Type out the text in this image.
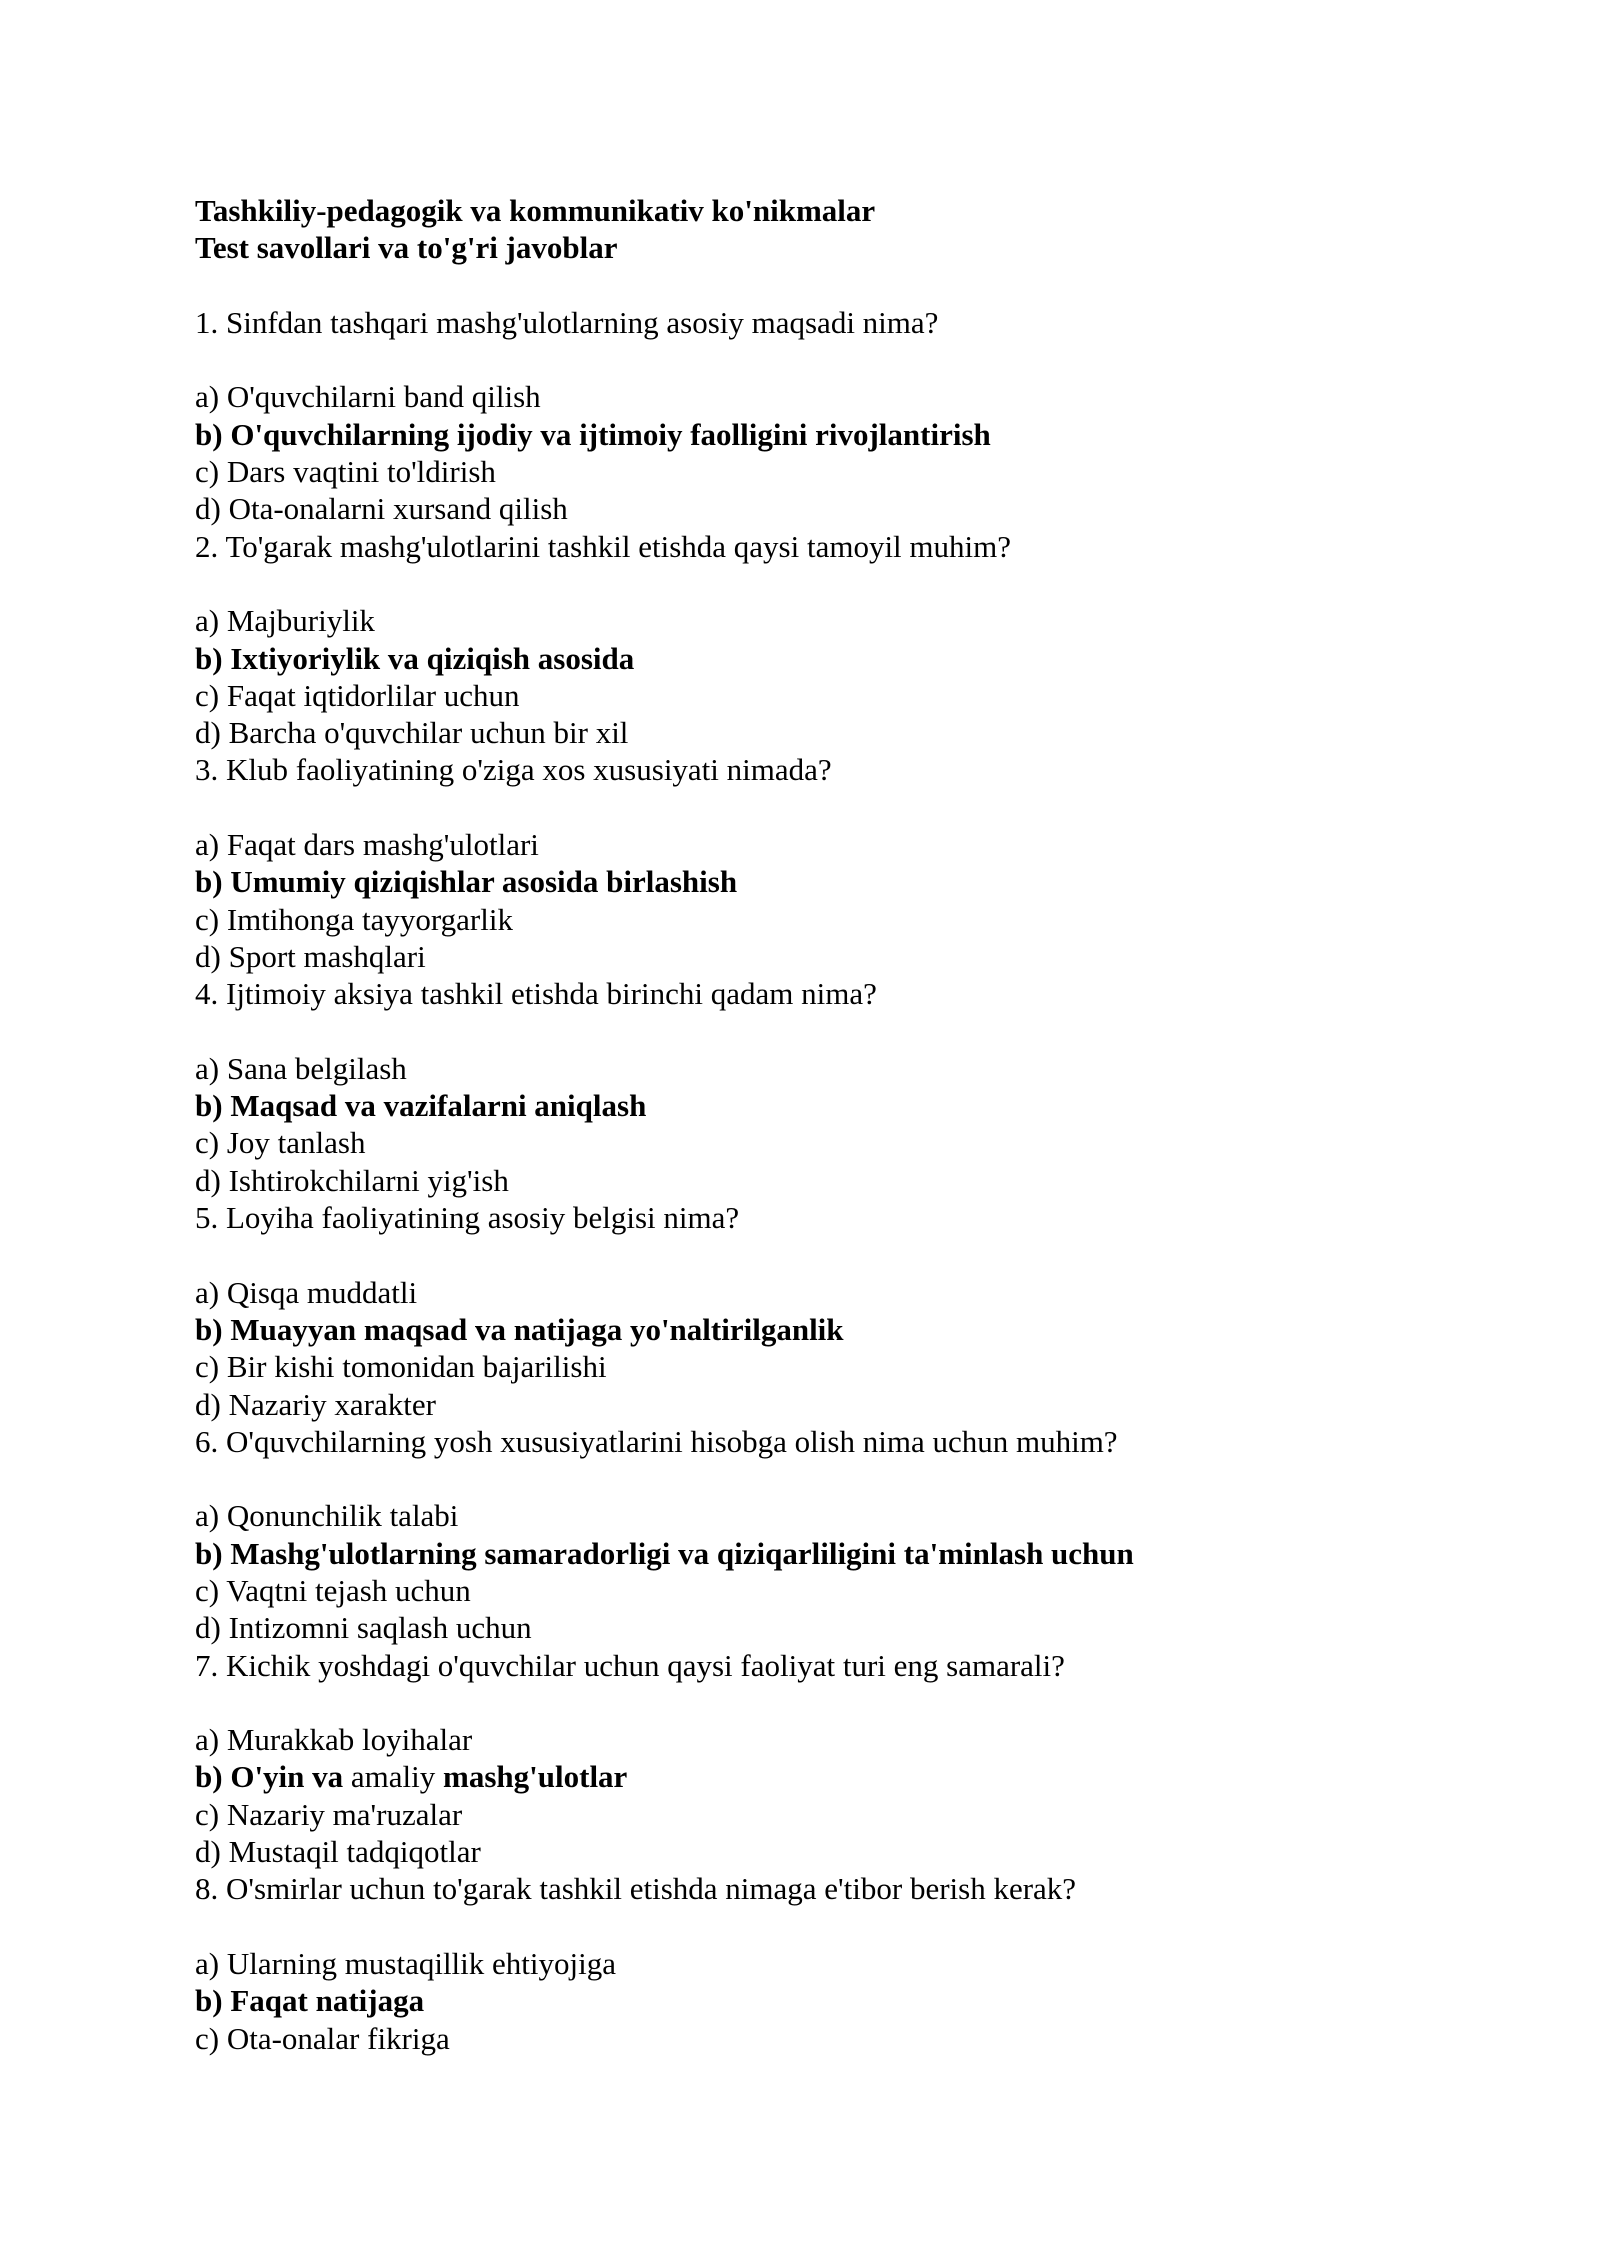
Tashkiliy-pedagogik va kommunikativ ko'nikmalar
Test savollari va to'g'ri javoblar
1. Sinfdan tashqari mashg'ulotlarning asosiy maqsadi nima?
a) O'quvchilarni band qilish
b) O'quvchilarning ijodiy va ijtimoiy faolligini rivojlantirish
c) Dars vaqtini to'ldirish
d) Ota-onalarni xursand qilish
2. To'garak mashg'ulotlarini tashkil etishda qaysi tamoyil muhim?
a) Majburiylik
b) Ixtiyoriylik va qiziqish asosida
c) Faqat iqtidorlilar uchun
d) Barcha o'quvchilar uchun bir xil
3. Klub faoliyatining o'ziga xos xususiyati nimada?
a) Faqat dars mashg'ulotlari
b) Umumiy qiziqishlar asosida birlashish
c) Imtihonga tayyorgarlik
d) Sport mashqlari
4. Ijtimoiy aksiya tashkil etishda birinchi qadam nima?
a) Sana belgilash
b) Maqsad va vazifalarni aniqlash
c) Joy tanlash
d) Ishtirokchilarni yig'ish
5. Loyiha faoliyatining asosiy belgisi nima?
a) Qisqa muddatli
b) Muayyan maqsad va natijaga yo'naltirilganlik
c) Bir kishi tomonidan bajarilishi
d) Nazariy xarakter
6. O'quvchilarning yosh xususiyatlarini hisobga olish nima uchun muhim?
a) Qonunchilik talabi
b) Mashg'ulotlarning samaradorligi va qiziqarliligini ta'minlash uchun
c) Vaqtni tejash uchun
d) Intizomni saqlash uchun
7. Kichik yoshdagi o'quvchilar uchun qaysi faoliyat turi eng samarali?
a) Murakkab loyihalar
b) O'yin va amaliy mashg'ulotlar
c) Nazariy ma'ruzalar
d) Mustaqil tadqiqotlar
8. O'smirlar uchun to'garak tashkil etishda nimaga e'tibor berish kerak?
a) Ularning mustaqillik ehtiyojiga
b) Faqat natijaga
c) Ota-onalar fikriga
